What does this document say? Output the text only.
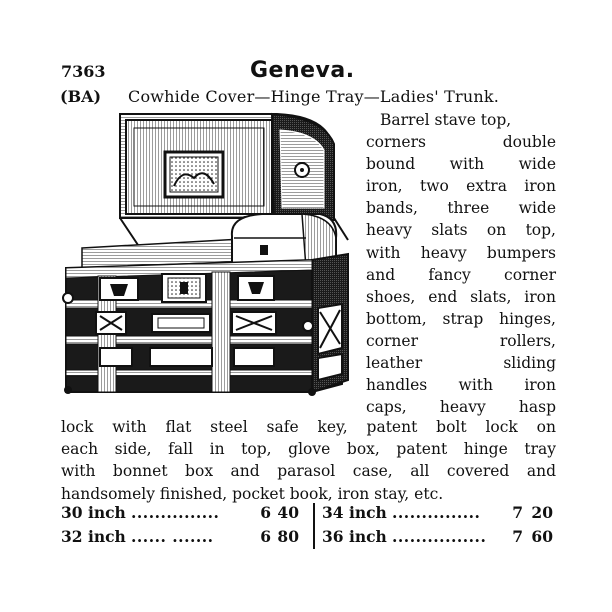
7363	Geneva.
(BA) Cowhide Cover—Hinge Tray—Ladies' Trunk.
Barrel stave top,
corners double
bound with wide
iron, two extra iron
bands, three wide
heavy slats on top,
with heavy bumpers
and fancy corner
shoes, end slats, iron
bottom, strap hinges,
corner rollers,
leather sliding
handles with iron
caps, heavy hasp
lock with flat steel safe key, patent bolt lock on
each side, fall in top, glove box, patent hinge tray
with bonnet box and parasol case, all covered and
handsomely finished, pocket book, iron stay, etc.
30 inch ...............	6 40 34 inch ...............	7 20
32 inch ...... .......	6 80 36 inch ................	7 60
